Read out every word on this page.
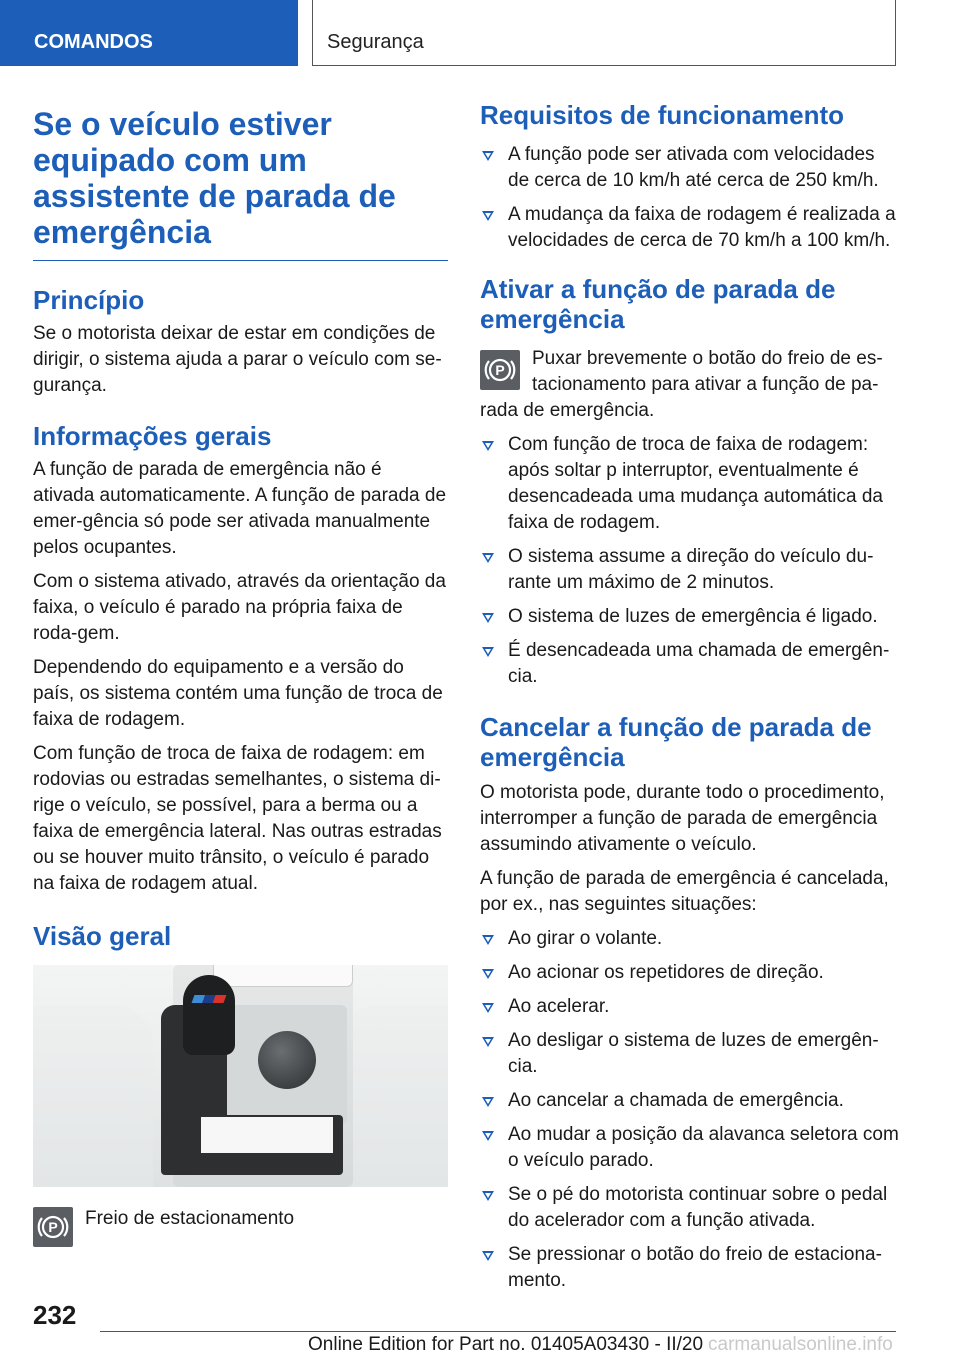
COMANDOS	Segurança
Se o veículo estiver equipado com um assistente de parada de emergência
Princípio

Se o motorista deixar de estar em condições de dirigir, o sistema ajuda a parar o veículo com se-gurança.

Informações gerais

A função de parada de emergência não é ativada automaticamente. A função de parada de emer-gência só pode ser ativada manualmente pelos ocupantes.

Com o sistema ativado, através da orientação da faixa, o veículo é parado na própria faixa de roda-gem.

Dependendo do equipamento e a versão do país, os sistema contém uma função de troca de faixa de rodagem.

Com função de troca de faixa de rodagem: em rodovias ou estradas semelhantes, o sistema di-rige o veículo, se possível, para a berma ou a faixa de emergência lateral. Nas outras estradas ou se houver muito trânsito, o veículo é parado na faixa de rodagem atual.

Visão geral
P Freio de estacionamento
Requisitos de funcionamento
A função pode ser ativada com velocidades de cerca de 10 km/h até cerca de 250 km/h.
A mudança da faixa de rodagem é realizada a velocidades de cerca de 70 km/h a 100 km/h.
Ativar a função de parada de emergência
P

Puxar brevemente o botão do freio de es-tacionamento para ativar a função de pa-rada de emergência.

Com função de troca de faixa de rodagem: após soltar p interruptor, eventualmente é desencadeada uma mudança automática da faixa de rodagem.
O sistema assume a direção do veículo du-rante um máximo de 2 minutos.
O sistema de luzes de emergência é ligado.
É desencadeada uma chamada de emergên-cia.
Cancelar a função de parada de emergência

O motorista pode, durante todo o procedimento, interromper a função de parada de emergência assumindo ativamente o veículo.

A função de parada de emergência é cancelada, por ex., nas seguintes situações:

Ao girar o volante.
Ao acionar os repetidores de direção.
Ao acelerar.
Ao desligar o sistema de luzes de emergên-cia.
Ao cancelar a chamada de emergência.
Ao mudar a posição da alavanca seletora com o veículo parado.
Se o pé do motorista continuar sobre o pedal do acelerador com a função ativada.
Se pressionar o botão do freio de estaciona-mento.
232
Online Edition for Part no. 01405A03430 - II/20 carmanualsonline.info
